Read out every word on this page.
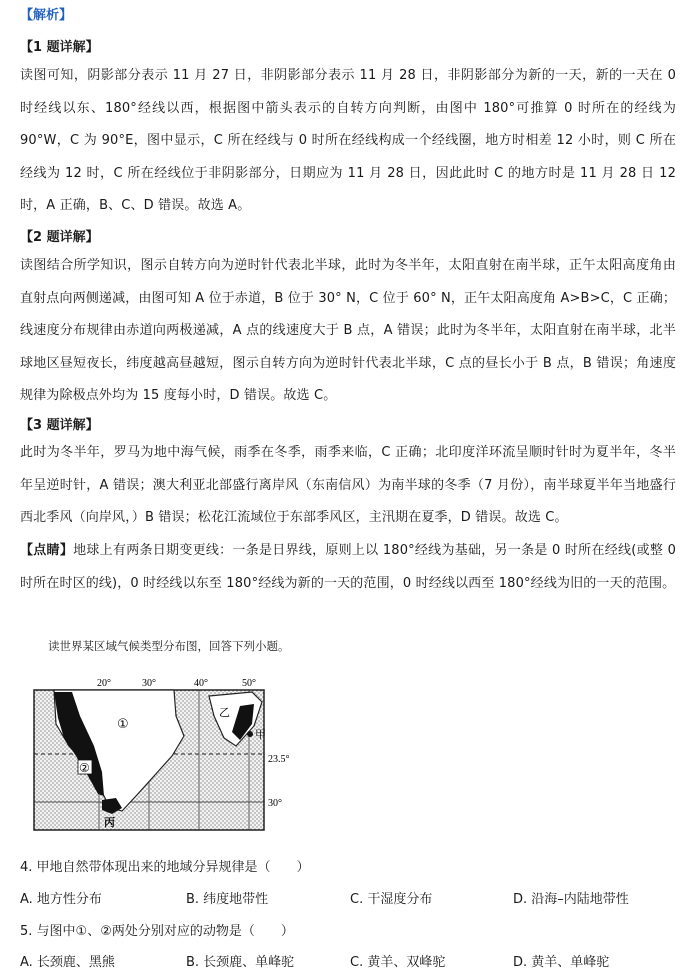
【解析】
【1 题详解】
读图可知，阴影部分表示 11 月 27 日，非阴影部分表示 11 月 28 日，非阴影部分为新的一天，新的一天在 0 时经线以东、180°经线以西，根据图中箭头表示的自转方向判断，由图中 180°可推算 0 时所在的经线为 90°W，C 为 90°E，图中显示，C 所在经线与 0 时所在经线构成一个经线圈，地方时相差 12 小时，则 C 所在经线为 12 时，C 所在经线位于非阴影部分，日期应为 11 月 28 日，因此此时 C 的地方时是 11 月 28 日 12 时，A 正确，B、C、D 错误。故选 A。
【2 题详解】
读图结合所学知识，图示自转方向为逆时针代表北半球，此时为冬半年，太阳直射在南半球，正午太阳高度角由直射点向两侧递减，由图可知 A 位于赤道，B 位于 30° N，C 位于 60° N，正午太阳高度角 A>B>C，C 正确；线速度分布规律由赤道向两极递减，A 点的线速度大于 B 点，A 错误；此时为冬半年，太阳直射在南半球，北半球地区昼短夜长，纬度越高昼越短，图示自转方向为逆时针代表北半球，C 点的昼长小于 B 点，B 错误；角速度规律为除极点外均为 15 度每小时，D 错误。故选 C。
【3 题详解】
此时为冬半年，罗马为地中海气候，雨季在冬季，雨季来临，C 正确；北印度洋环流呈顺时针时为夏半年，冬半年呈逆时针，A 错误；澳大利亚北部盛行离岸风（东南信风）为南半球的冬季（7 月份），南半球夏半年当地盛行西北季风（向岸风，）B 错误；松花江流域位于东部季风区，主汛期在夏季，D 错误。故选 C。
【点睛】地球上有两条日期变更线：一条是日界线，原则上以 180°经线为基础，另一条是 0 时所在经线(或整 0 时所在时区的线)，0 时经线以东至 180°经线为新的一天的范围，0 时经线以西至 180°经线为旧的一天的范围。
读世界某区域气候类型分布图，回答下列小题。
20°	30°	40°	50°
23.5°
30°
①
②
乙
甲
丙
4. 甲地自然带体现出来的地域分异规律是（　　）
A. 地方性分布	B. 纬度地带性	C. 干湿度分布	D. 沿海–内陆地带性
5. 与图中①、②两处分别对应的动物是（　　）
A. 长颈鹿、黑熊	B. 长颈鹿、单峰驼	C. 黄羊、双峰驼	D. 黄羊、单峰驼
